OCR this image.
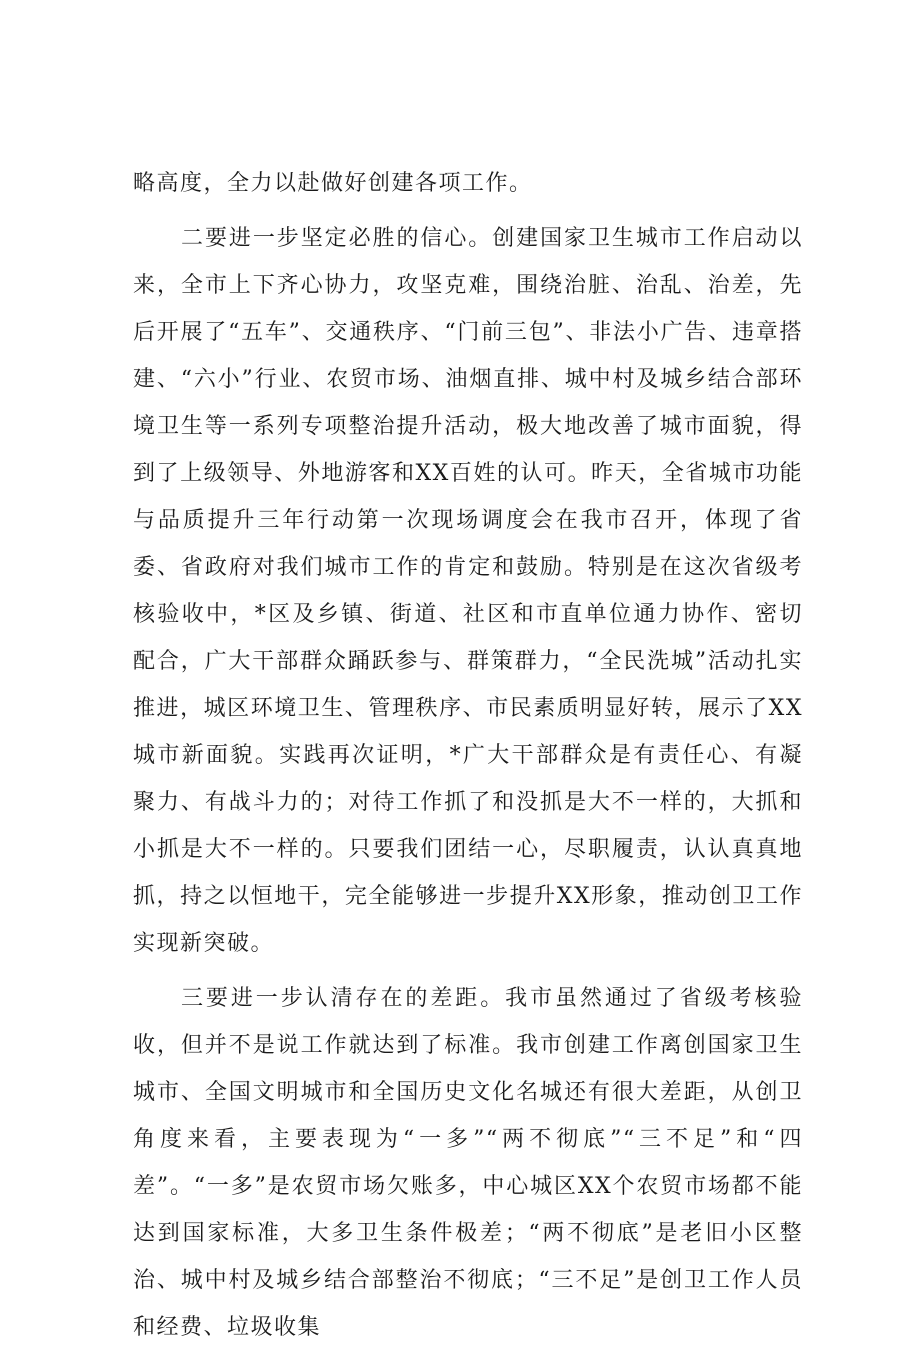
略高度，全力以赴做好创建各项工作。

二要进一步坚定必胜的信心。创建国家卫生城市工作启动以来，全市上下齐心协力，攻坚克难，围绕治脏、治乱、治差，先后开展了“五车”、交通秩序、“门前三包”、非法小广告、违章搭建、“六小”行业、农贸市场、油烟直排、城中村及城乡结合部环境卫生等一系列专项整治提升活动，极大地改善了城市面貌，得到了上级领导、外地游客和XX百姓的认可。昨天，全省城市功能与品质提升三年行动第一次现场调度会在我市召开，体现了省委、省政府对我们城市工作的肯定和鼓励。特别是在这次省级考核验收中，*区及乡镇、街道、社区和市直单位通力协作、密切配合，广大干部群众踊跃参与、群策群力，“全民洗城”活动扎实推进，城区环境卫生、管理秩序、市民素质明显好转，展示了XX城市新面貌。实践再次证明，*广大干部群众是有责任心、有凝聚力、有战斗力的；对待工作抓了和没抓是大不一样的，大抓和小抓是大不一样的。只要我们团结一心，尽职履责，认认真真地抓，持之以恒地干，完全能够进一步提升XX形象，推动创卫工作实现新突破。

三要进一步认清存在的差距。我市虽然通过了省级考核验收，但并不是说工作就达到了标准。我市创建工作离创国家卫生城市、全国文明城市和全国历史文化名城还有很大差距，从创卫角度来看，主要表现为“一多”“两不彻底”“三不足”和“四差”。“一多”是农贸市场欠账多，中心城区XX个农贸市场都不能达到国家标准，大多卫生条件极差；“两不彻底”是老旧小区整治、城中村及城乡结合部整治不彻底；“三不足”是创卫工作人员和经费、垃圾收集
